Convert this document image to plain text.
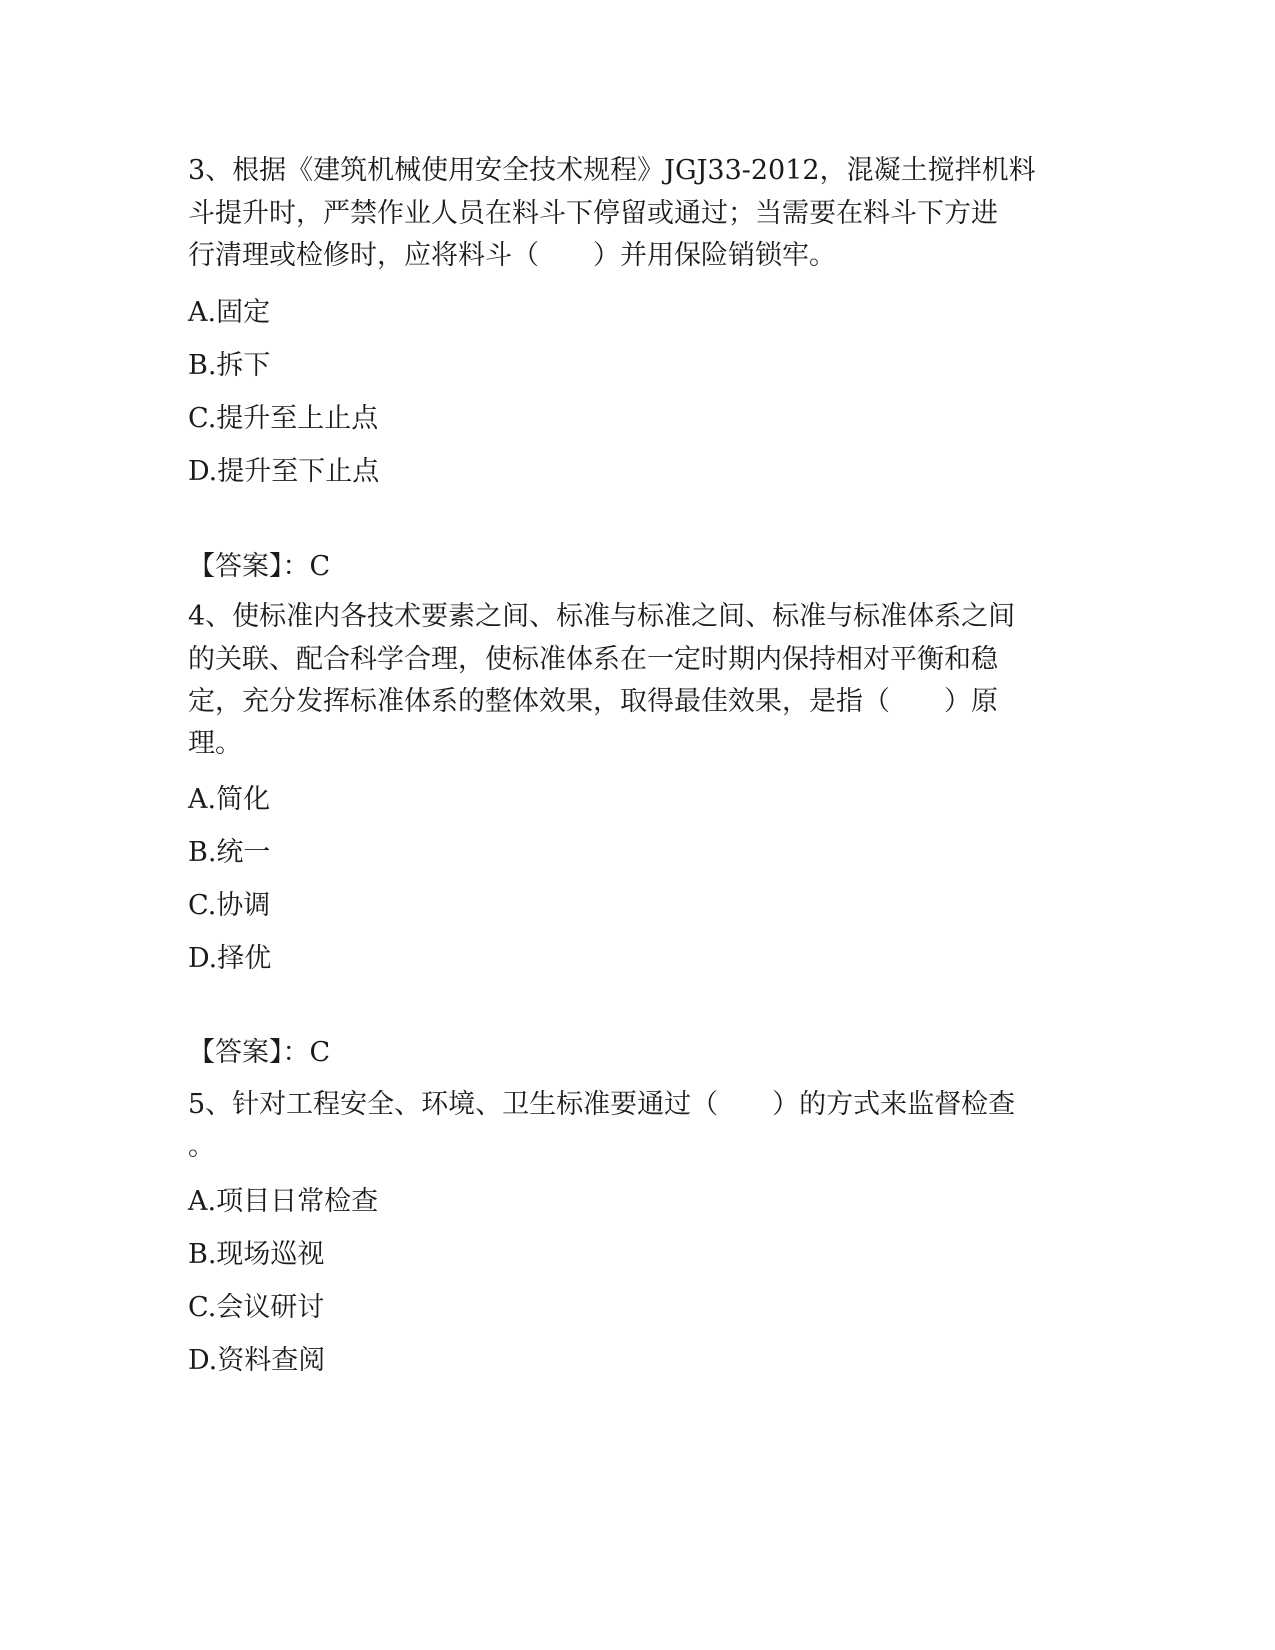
3、根据《建筑机械使用安全技术规程》JGJ33-2012，混凝土搅拌机料
斗提升时，严禁作业人员在料斗下停留或通过；当需要在料斗下方进
行清理或检修时，应将料斗（　　）并用保险销锁牢。
A.固定
B.拆下
C.提升至上止点
D.提升至下止点
【答案】：C
4、使标准内各技术要素之间、标准与标准之间、标准与标准体系之间
的关联、配合科学合理，使标准体系在一定时期内保持相对平衡和稳
定，充分发挥标准体系的整体效果，取得最佳效果，是指（　　）原
理。
A.简化
B.统一
C.协调
D.择优
【答案】：C
5、针对工程安全、环境、卫生标准要通过（　　）的方式来监督检查
。
A.项目日常检查
B.现场巡视
C.会议研讨
D.资料查阅
